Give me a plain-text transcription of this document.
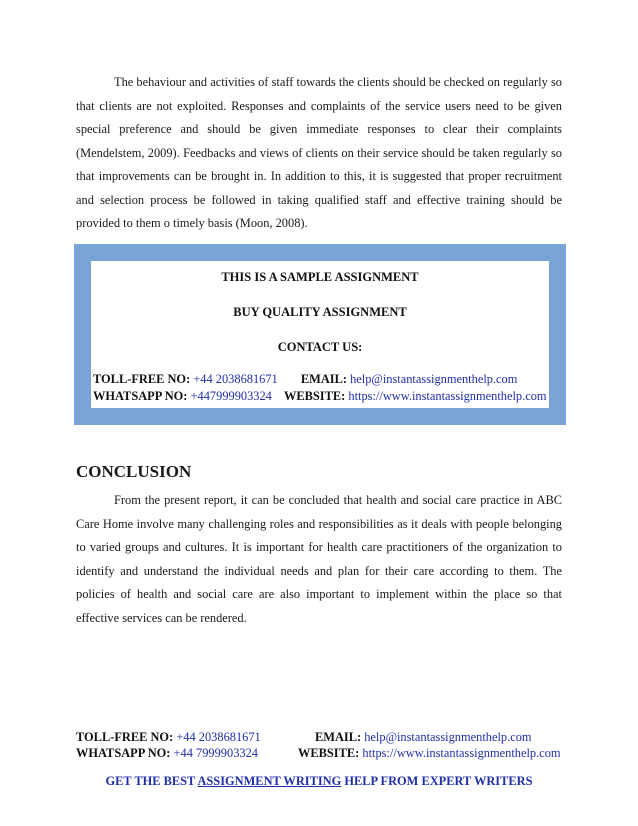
The behaviour and activities of staff towards the clients should be checked on regularly so that clients are not exploited. Responses and complaints of the service users need to be given special preference and should be given immediate responses to clear their complaints (Mendelstem, 2009). Feedbacks and views of clients on their service should be taken regularly so that improvements can be brought in. In addition to this, it is suggested that proper recruitment and selection process be followed in taking qualified staff and effective training should be provided to them o timely basis (Moon, 2008).

THIS IS A SAMPLE ASSIGNMENT
BUY QUALITY ASSIGNMENT
CONTACT US:
TOLL-FREE NO: +44 2038681671 EMAIL: help@instantassignmenthelp.com
WHATSAPP NO: +447999903324 WEBSITE: https://www.instantassignmenthelp.com
CONCLUSION

From the present report, it can be concluded that health and social care practice in ABC Care Home involve many challenging roles and responsibilities as it deals with people belonging to varied groups and cultures. It is important for health care practitioners of the organization to identify and understand the individual needs and plan for their care according to them. The policies of health and social care are also important to implement within the place so that effective services can be rendered.

TOLL-FREE NO: +44 2038681671
WHATSAPP NO: +44 7999903324
EMAIL: help@instantassignmenthelp.com
WEBSITE: https://www.instantassignmenthelp.com
GET THE BEST ASSIGNMENT WRITING HELP FROM EXPERT WRITERS
